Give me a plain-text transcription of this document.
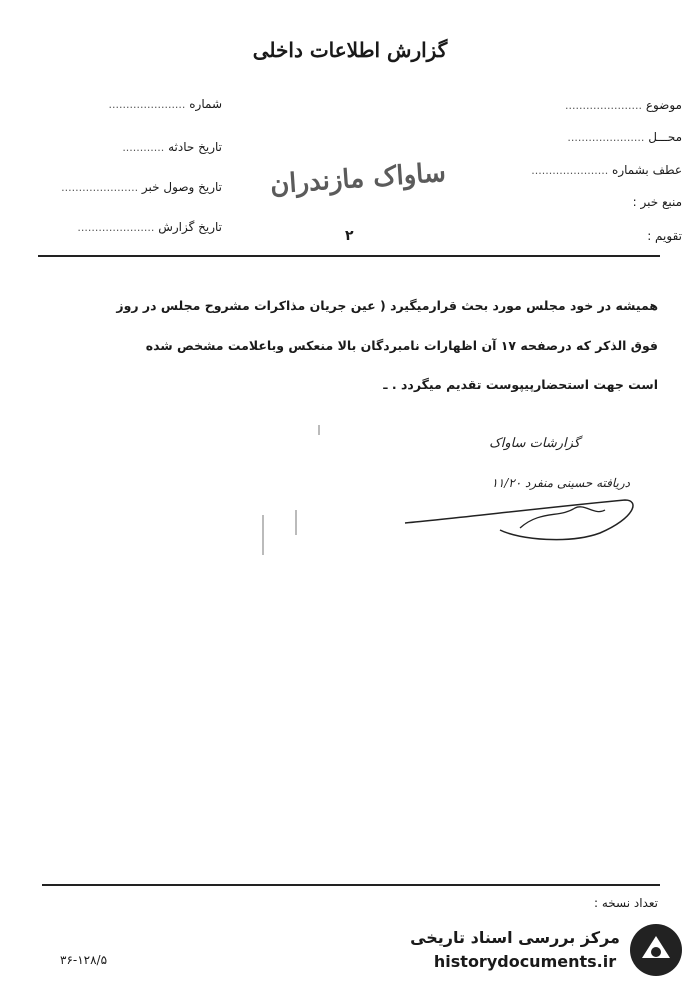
گزارش اطلاعات داخلی
موضوع ......................
محـــل ......................
عطف بشماره ......................
منبع خبر :
تقویم :
شماره ......................
تاریخ حادثه ............
تاریخ وصول خبر ......................
تاریخ گزارش ......................
ساواک مازندران
۲
همیشه در خود مجلس مورد بحث قرارمیگیرد ( عین جریان مذاکرات مشروح مجلس در روز
فوق الذکر که درصفحه ۱۷ آن اظهارات نامبردگان بالا منعکس وباعلامت مشخص شده
است جهت استحضارپیپوست تقدیم میگردد . ـ
گزارشات ساواک
دریافته حسینی منفرد ۱۱/۲۰
تعداد نسخه :
۳۶-۱۲۸/۵
مرکز بررسی اسناد تاریخی
historydocuments.ir
